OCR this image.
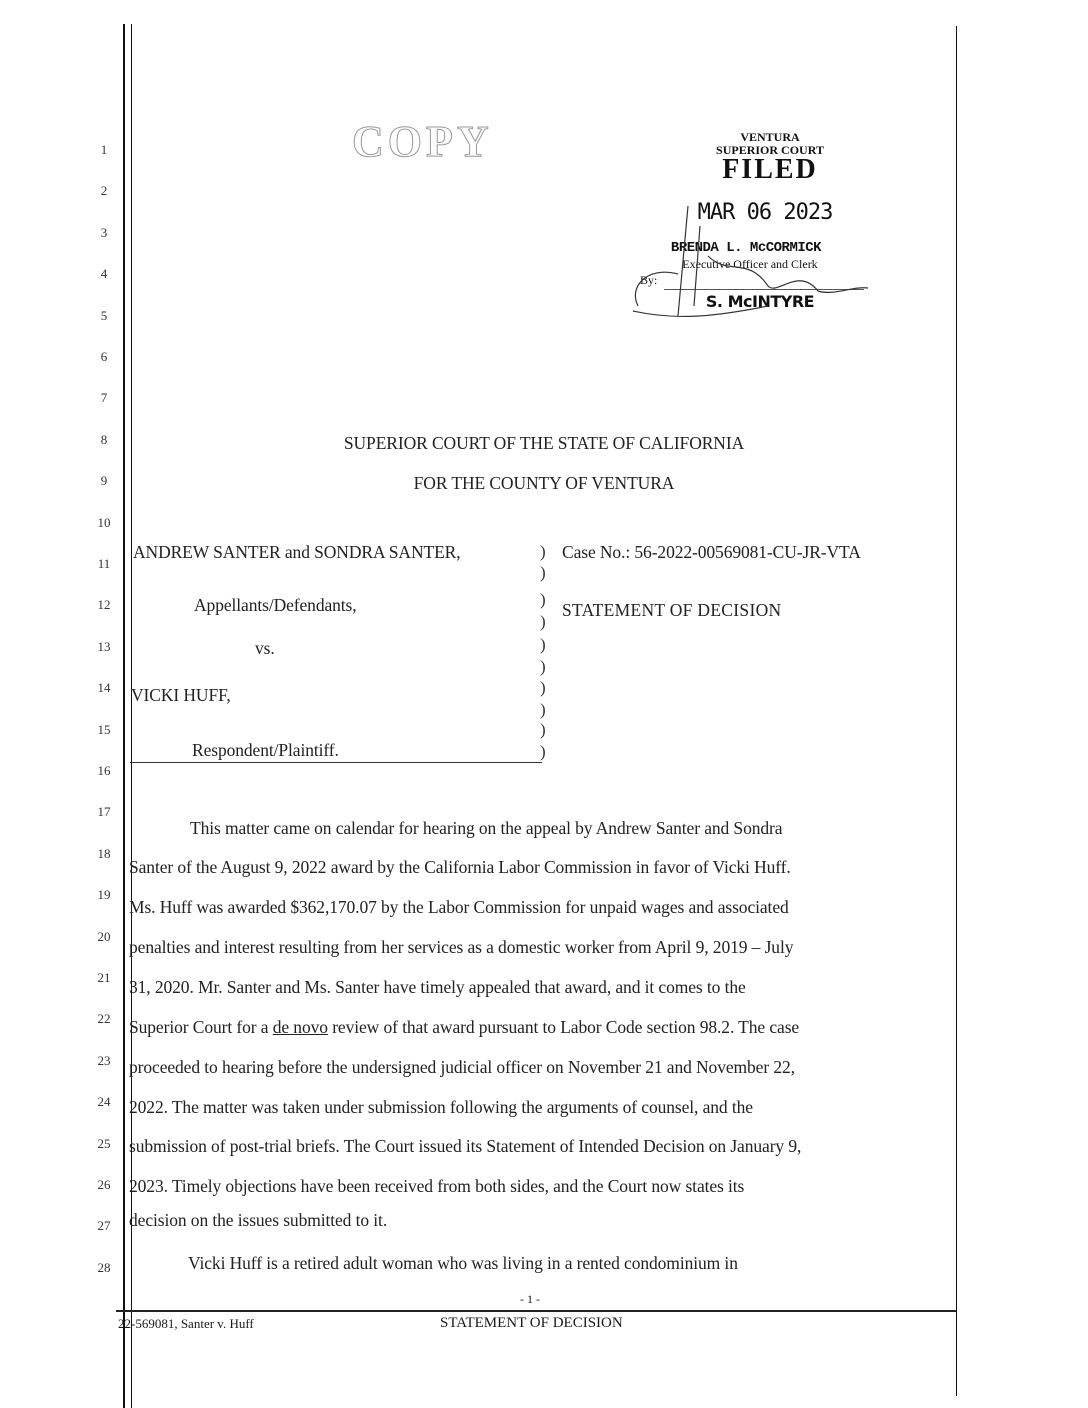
COPY	VENTURA
SUPERIOR COURT
FILED
MAR 06 2023
BRENDA L. McCORMICK
Executive Officer and Clerk
By:
S. McINTYRE
1
2
3
4
5
6
7
8
9
10
11
12
13
14
15
16
17
18
19
20
21
22
23
24
25
26
27
28
SUPERIOR COURT OF THE STATE OF CALIFORNIA
FOR THE COUNTY OF VENTURA
ANDREW SANTER and SONDRA SANTER,
Appellants/Defendants,
vs.
VICKI HUFF,
Respondent/Plaintiff.
)
)
)
)
)
)
)
)
)
)
Case No.: 56-2022-00569081-CU-JR-VTA
STATEMENT OF DECISION
This matter came on calendar for hearing on the appeal by Andrew Santer and Sondra
Santer of the August 9, 2022 award by the California Labor Commission in favor of Vicki Huff.
Ms. Huff was awarded $362,170.07 by the Labor Commission for unpaid wages and associated
penalties and interest resulting from her services as a domestic worker from April 9, 2019 – July
31, 2020. Mr. Santer and Ms. Santer have timely appealed that award, and it comes to the
Superior Court for a de novo review of that award pursuant to Labor Code section 98.2. The case
proceeded to hearing before the undersigned judicial officer on November 21 and November 22,
2022. The matter was taken under submission following the arguments of counsel, and the
submission of post-trial briefs. The Court issued its Statement of Intended Decision on January 9,
2023. Timely objections have been received from both sides, and the Court now states its
decision on the issues submitted to it.
Vicki Huff is a retired adult woman who was living in a rented condominium in
- 1 -
22-569081, Santer v. Huff	STATEMENT OF DECISION
